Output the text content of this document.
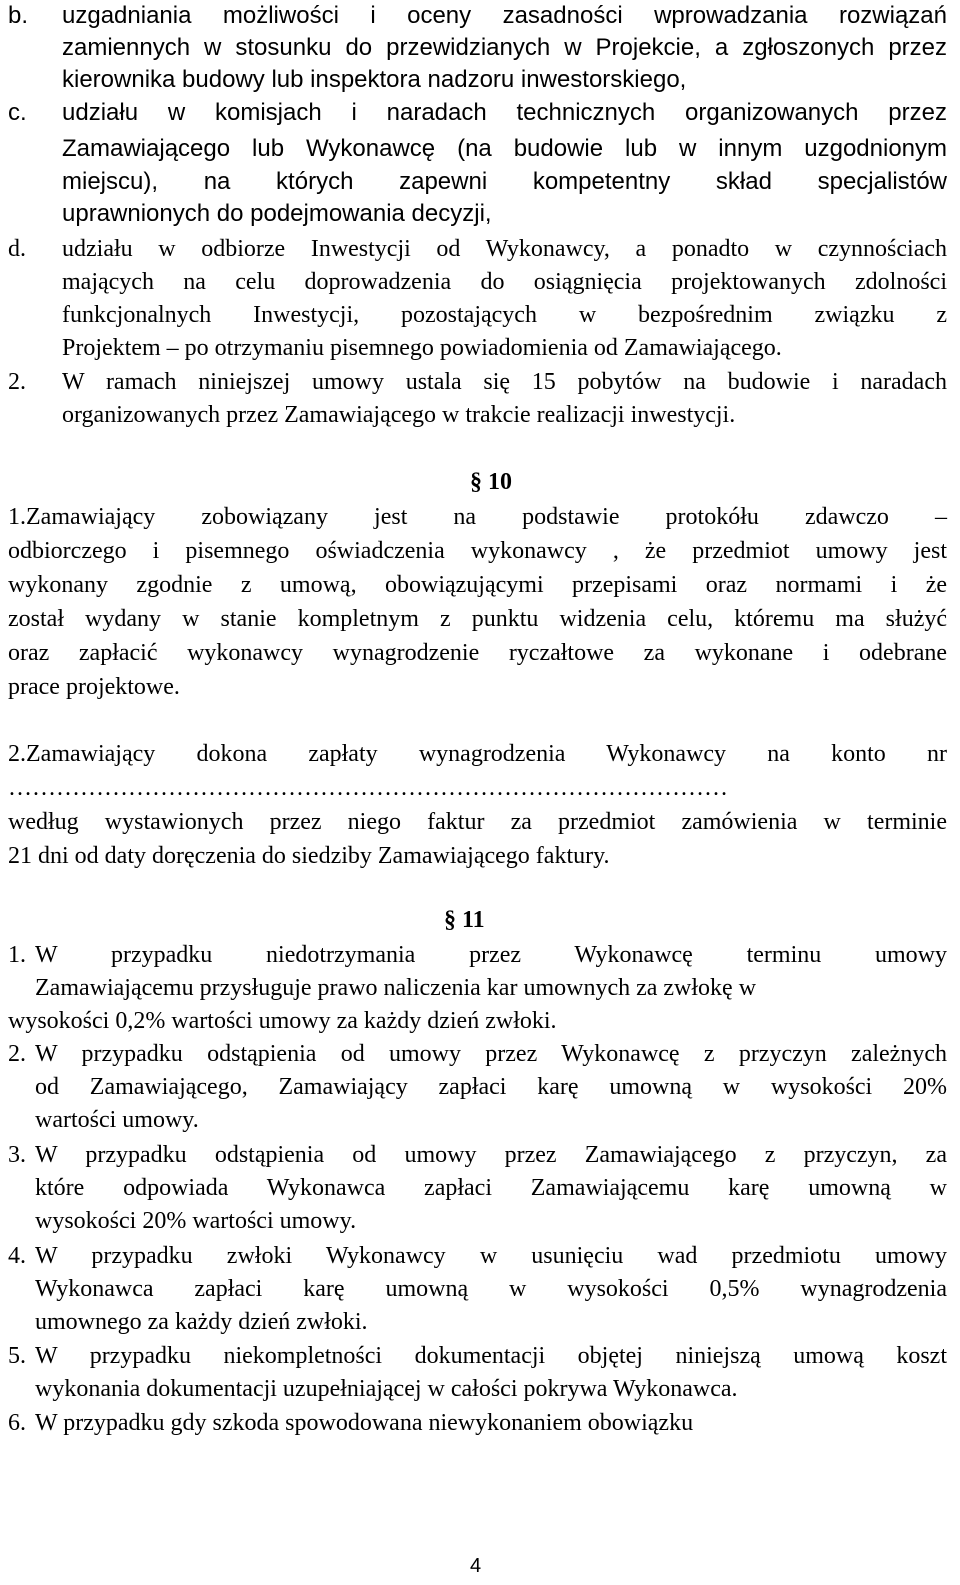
b. uzgadniania możliwości i oceny zasadności wprowadzania rozwiązań
zamiennych w stosunku do przewidzianych w Projekcie, a zgłoszonych przez
kierownika budowy lub inspektora nadzoru inwestorskiego,
c. udziału w komisjach i naradach technicznych organizowanych przez
Zamawiającego lub Wykonawcę (na budowie lub w innym uzgodnionym
miejscu), na których zapewni kompetentny skład specjalistów
uprawnionych do podejmowania decyzji,
d. udziału w odbiorze Inwestycji od Wykonawcy, a ponadto w czynnościach
mających na celu doprowadzenia do osiągnięcia projektowanych zdolności
funkcjonalnych Inwestycji, pozostających w bezpośrednim związku z
Projektem – po otrzymaniu pisemnego powiadomienia od Zamawiającego.
2. W ramach niniejszej umowy ustala się 15 pobytów na budowie i naradach
organizowanych przez Zamawiającego w trakcie realizacji inwestycji.
§ 10
1.Zamawiający zobowiązany jest na podstawie protokółu zdawczo –
odbiorczego i pisemnego oświadczenia wykonawcy , że przedmiot umowy jest
wykonany zgodnie z umową, obowiązującymi przepisami oraz normami i że
został wydany w stanie kompletnym z punktu widzenia celu, któremu ma służyć
oraz zapłacić wykonawcy wynagrodzenie ryczałtowe za wykonane i odebrane
prace projektowe.
2.Zamawiający dokona zapłaty wynagrodzenia Wykonawcy na konto nr
………………………………………………………………………………
według wystawionych przez niego faktur za przedmiot zamówienia w terminie
21 dni od daty doręczenia do siedziby Zamawiającego faktury.
§ 11
1. W przypadku niedotrzymania przez Wykonawcę terminu umowy
Zamawiającemu przysługuje prawo naliczenia kar umownych za zwłokę w
wysokości 0,2% wartości umowy za każdy dzień zwłoki.
2. W przypadku odstąpienia od umowy przez Wykonawcę z przyczyn zależnych
od Zamawiającego, Zamawiający zapłaci karę umowną w wysokości 20%
wartości umowy.
3. W przypadku odstąpienia od umowy przez Zamawiającego z przyczyn, za
które odpowiada Wykonawca zapłaci Zamawiającemu karę umowną w
wysokości 20% wartości umowy.
4. W przypadku zwłoki Wykonawcy w usunięciu wad przedmiotu umowy
Wykonawca zapłaci karę umowną w wysokości 0,5% wynagrodzenia
umownego za każdy dzień zwłoki.
5. W przypadku niekompletności dokumentacji objętej niniejszą umową koszt
wykonania dokumentacji uzupełniającej w całości pokrywa Wykonawca.
6. W przypadku gdy szkoda spowodowana niewykonaniem obowiązku
4
